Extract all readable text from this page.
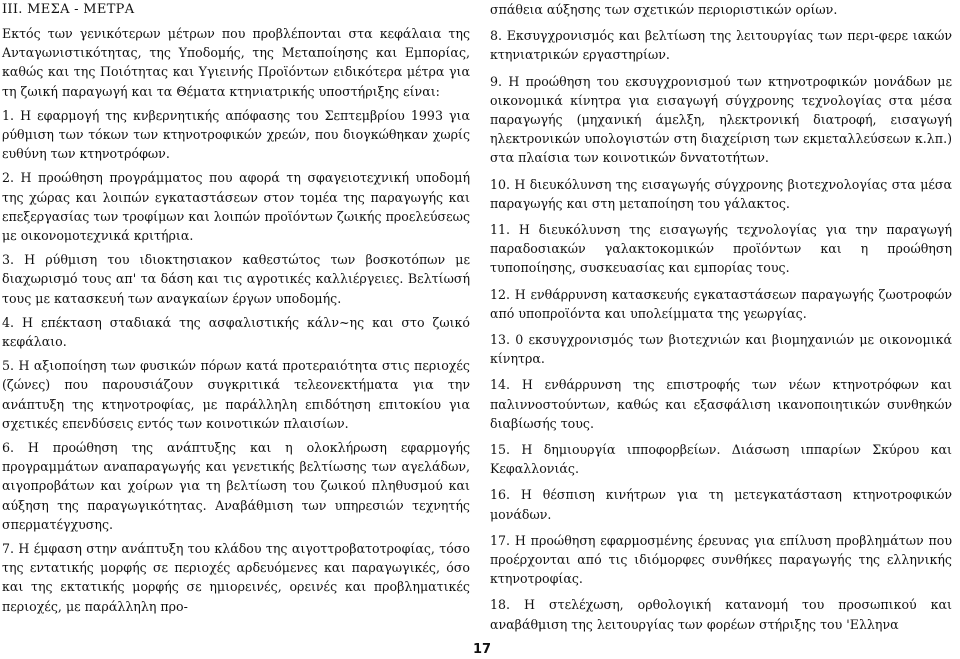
ΙΙΙ. ΜΕΣΑ - ΜΕΤΡΑ

Εκτός των γενικότερων μέτρων που προβλέπονται στα κεφάλαια της Ανταγωνιστικότητας, της Υποδομής, της Μεταποίησης και Εμπορίας, καθώς και της Ποιότητας και Υγιεινής Προϊόντων ειδικότερα μέτρα για τη ζωική παραγωγή και τα Θέματα κτηνιατρικής υποστήριξης είναι:

1. Η εφαρμογή της κνβερνητικής απόφασης του Σεπτεμβρίου 1993 για ρύθμιση των τόκων των κτηνοτροφικών χρεών, που διογκώθηκαν χωρίς ευθύνη των κτηνοτρόφων.

2. Η προώθηση προγράμματος που αφορά τη σφαγειοτεχνική υποδομή της χώρας και λοιπών εγκαταστάσεων στον τομέα της παραγωγής και επεξεργασίας των τροφίμων και λοιπών προϊόντων ζωικής προελεύσεως με οικονομοτεχνικά κριτήρια.

3. Η ρύθμιση του ιδιοκτησιακον καθεστώτος των βοσκοτόπων με διαχωρισμό τους απ' τα δάση και τις αγροτικές καλλιέργειες. Βελτίωσή τους με κατασκευή των αναγκαίων έργων υποδομής.

4. Η επέκταση σταδιακά της ασφαλιστικής κάλν~ης και στο ζωικό κεφάλαιο.

5. Η αξιοποίηση των φυσικών πόρων κατά προτεραιότητα στις περιοχές (ζώνες) που παρουσιάζουν συγκριτικά τελεονεκτήματα για την ανάπτυξη της κτηνοτροφίας, με παράλληλη επιδότηση επιτοκίου για σχετικές επενδύσεις εντός των κοινοτικών πλαισίων.

6. Η προώθηση της ανάπτυξης και η ολοκλήρωση εφαρμογής προγραμμάτων αναπαραγωγής και γενετικής βελτίωσης των αγελάδων, αιγοπροβάτων και χοίρων για τη βελτίωση του ζωικού πληθυσμού και αύξηση της παραγωγικότητας. Αναβάθμιση των υπηρεσιών τεχνητής σπερματέγχυσης.

7. Η έμφαση στην ανάπτυξη του κλάδου της αιγοττροβατοτροφίας, τόσο της εντατικής μορφής σε περιοχές αρδευόμενες και παραγωγικές, όσο και της εκτατικής μορφής σε ημιορεινές, ορεινές και προβληματικές περιοχές, με παράλληλη προ-

σπάθεια αύξησης των σχετικών περιοριστικών ορίων.

8. Εκσυγχρονισμός και βελτίωση της λειτουργίας των περι-φερε ιακών κτηνιατρικών εργαστηρίων.

9. Η προώθηση του εκσυγχρονισμού των κτηνοτροφικών μονάδων με οικονομικά κίνητρα για εισαγωγή σύγχρονης τεχνολογίας στα μέσα παραγωγής (μηχανική άμελξη, ηλεκτρονική διατροφή, εισαγωγή ηλεκτρονικών υπολογιστών στη διαχείριση των εκμεταλλεύσεων κ.λπ.) στα πλαίσια των κοινοτικών δνvατοτήτων.

10. Η διευκόλυνση της εισαγωγής σύγχρονης βιοτεχνολογίας στα μέσα παραγωγής και στη μεταποίηση του γάλακτος.

11. Η διευκόλυνση της εισαγωγής τεχνολογίας για την παραγωγή παραδοσιακών γαλακτοκομικών προϊόντων και η προώθηση τυποποίησης, συσκευασίας και εμπορίας τους.

12. Η ενθάρρυνση κατασκευής εγκαταστάσεων παραγωγής ζωοτροφών από υποπροϊόντα και υπολείμματα της γεωργίας.

13. 0 εκσυγχρονισμός των βιοτεχνιών και βιομηχανιών με οικονομικά κίνητρα.

14. Η ενθάρρυνση της επιστροφής των νέων κτηνοτρόφων και παλιννοστούντων, καθώς και εξασφάλιση ικανοποιητικών συνθηκών διαβίωσής τους.

15. Η δημιουργία ιπποφορβείων. Διάσωση ιππαρίων Σκύρου και Κεφαλλονιάς.

16. Η θέσπιση κινήτρων για τη μετεγκατάσταση κτηνοτροφικών μονάδων.

17. Η προώθηση εφαρμοσμένης έρευνας για επίλυση προβλημάτων που προέρχονται από τις ιδιόμορφες συνθήκες παραγωγής της ελληνικής κτηνοτροφίας.

18. Η στελέχωση, ορθολογική κατανομή του προσωπικού και αναβάθμιση της λειτουργίας των φορέων στήριξης του 'Ελληνα

17
